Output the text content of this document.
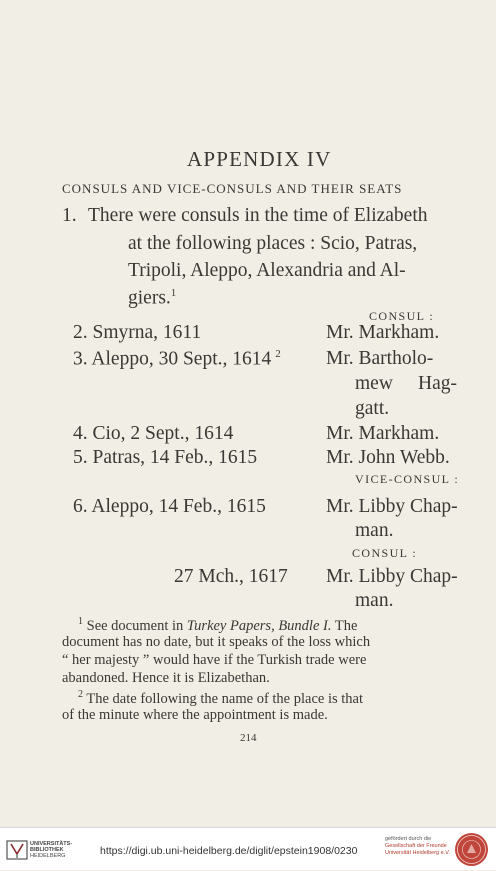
APPENDIX IV
CONSULS AND VICE-CONSULS AND THEIR SEATS
1. There were consuls in the time of Elizabeth
at the following places : Scio, Patras,
Tripoli, Aleppo, Alexandria and Al-
giers.$^1$
CONSUL :
2. Smyrna, 1611	Mr. Markham.
3. Aleppo, 30 Sept., 1614 $^2$ Mr. Bartholo-
mew Hag-
gatt.
4. Cio, 2 Sept., 1614	Mr. Markham.
5. Patras, 14 Feb., 1615	Mr. John Webb.
VICE-CONSUL :
6. Aleppo, 14 Feb., 1615	Mr. Libby Chap-
man.
CONSUL :
27 Mch., 1617 Mr. Libby Chap-
man.
$^1$ See document in Turkey Papers, Bundle I. The
document has no date, but it speaks of the loss which
“ her majesty ” would have if the Turkish trade were
abandoned. Hence it is Elizabethan.
$^2$ The date following the name of the place is that
of the minute where the appointment is made.
214
UNIVERSITÄTS-
BIBLIOTHEK
HEIDELBERG	https://digi.ub.uni-heidelberg.de/diglit/epstein1908/0230
gefördert durch die
Gesellschaft der Freunde
Universität Heidelberg e.V.
